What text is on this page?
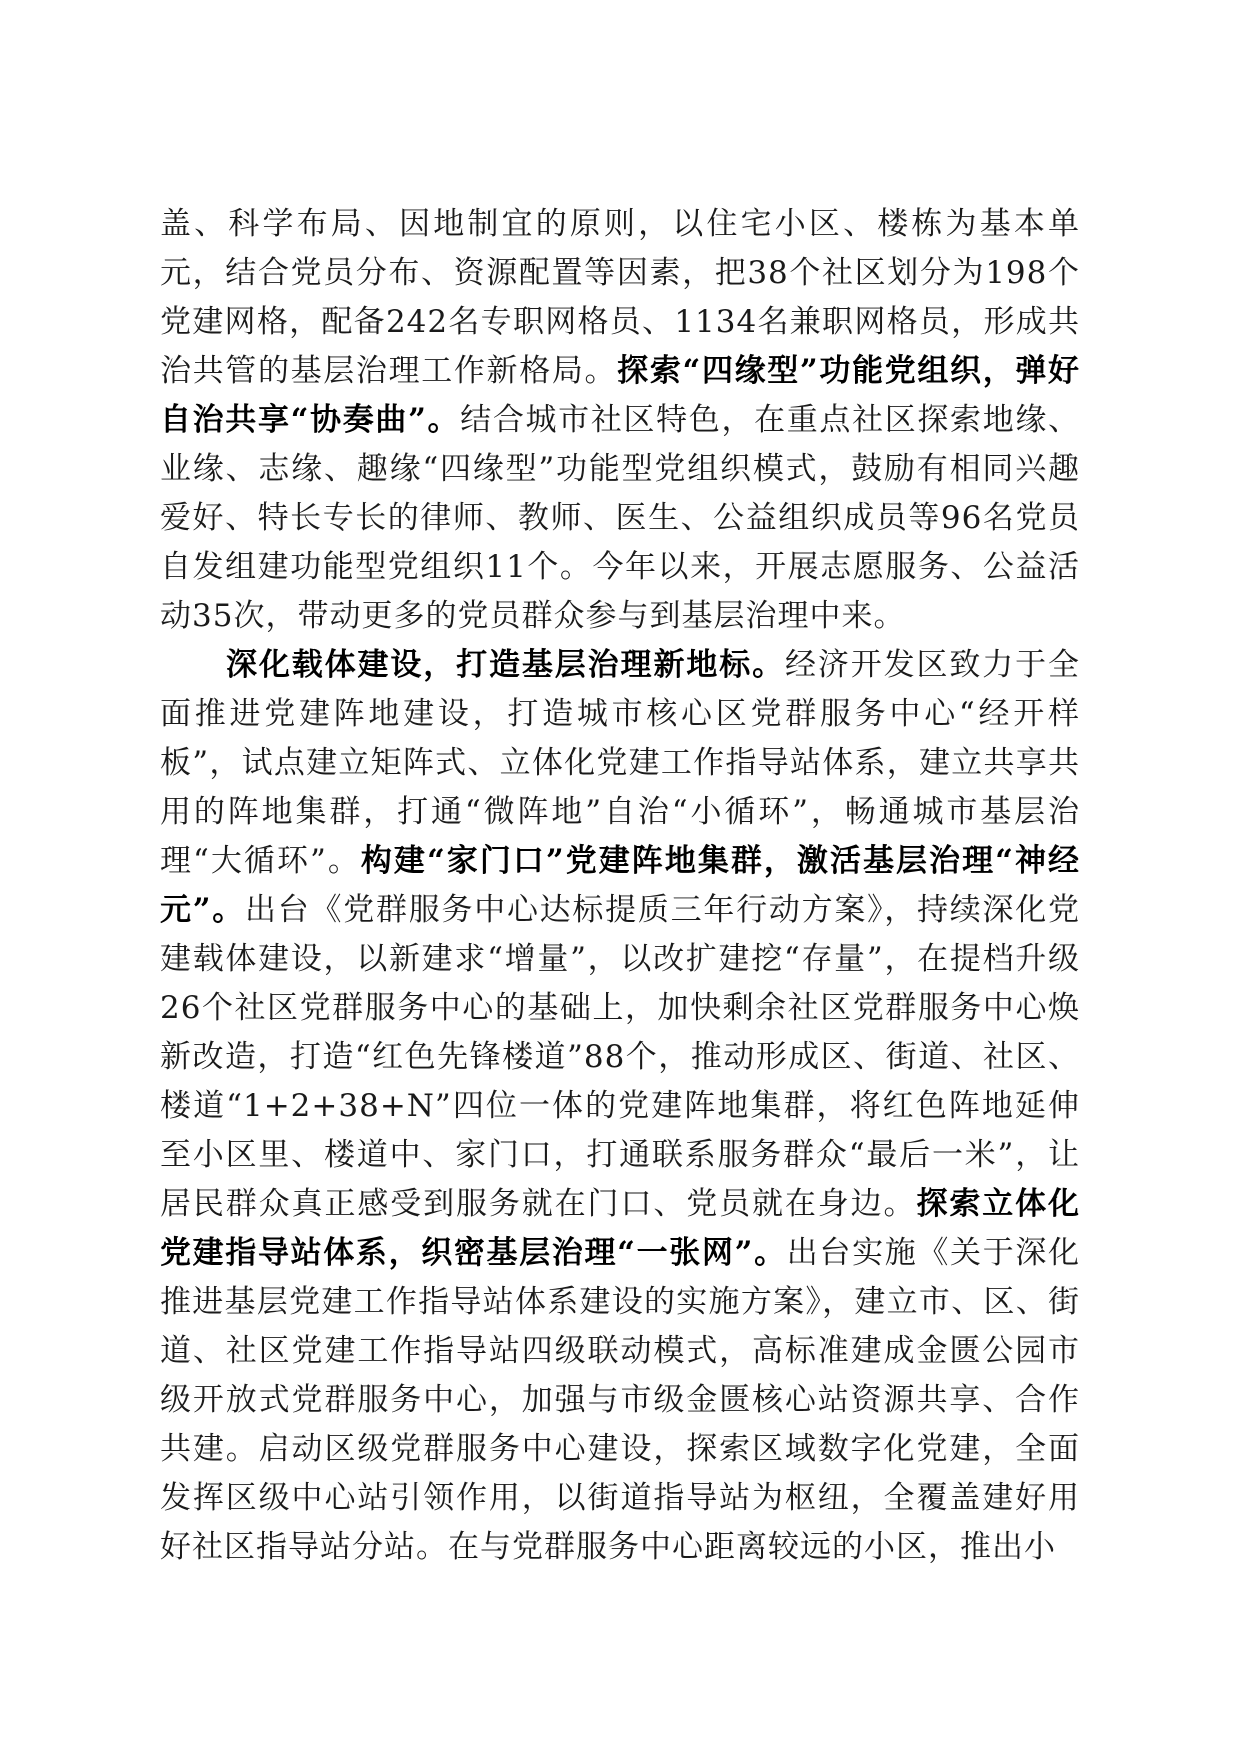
盖、科学布局、因地制宜的原则，以住宅小区、楼栋为基本单元，结合党员分布、资源配置等因素，把38个社区划分为198个党建网格，配备242名专职网格员、1134名兼职网格员，形成共治共管的基层治理工作新格局。探索“四缘型”功能党组织，弹好自治共享“协奏曲”。结合城市社区特色，在重点社区探索地缘、业缘、志缘、趣缘“四缘型”功能型党组织模式，鼓励有相同兴趣爱好、特长专长的律师、教师、医生、公益组织成员等96名党员自发组建功能型党组织11个。今年以来，开展志愿服务、公益活动35次，带动更多的党员群众参与到基层治理中来。

深化载体建设，打造基层治理新地标。经济开发区致力于全面推进党建阵地建设，打造城市核心区党群服务中心“经开样板”，试点建立矩阵式、立体化党建工作指导站体系，建立共享共用的阵地集群，打通“微阵地”自治“小循环”，畅通城市基层治理“大循环”。构建“家门口”党建阵地集群，激活基层治理“神经元”。出台《党群服务中心达标提质三年行动方案》，持续深化党建载体建设，以新建求“增量”，以改扩建挖“存量”，在提档升级26个社区党群服务中心的基础上，加快剩余社区党群服务中心焕新改造，打造“红色先锋楼道”88个，推动形成区、街道、社区、楼道“1+2+38+N”四位一体的党建阵地集群，将红色阵地延伸至小区里、楼道中、家门口，打通联系服务群众“最后一米”，让居民群众真正感受到服务就在门口、党员就在身边。探索立体化党建指导站体系，织密基层治理“一张网”。出台实施《关于深化推进基层党建工作指导站体系建设的实施方案》，建立市、区、街道、社区党建工作指导站四级联动模式，高标准建成金匮公园市级开放式党群服务中心，加强与市级金匮核心站资源共享、合作共建。启动区级党群服务中心建设，探索区域数字化党建，全面发挥区级中心站引领作用，以街道指导站为枢纽，全覆盖建好用好社区指导站分站。在与党群服务中心距离较远的小区，推出小
